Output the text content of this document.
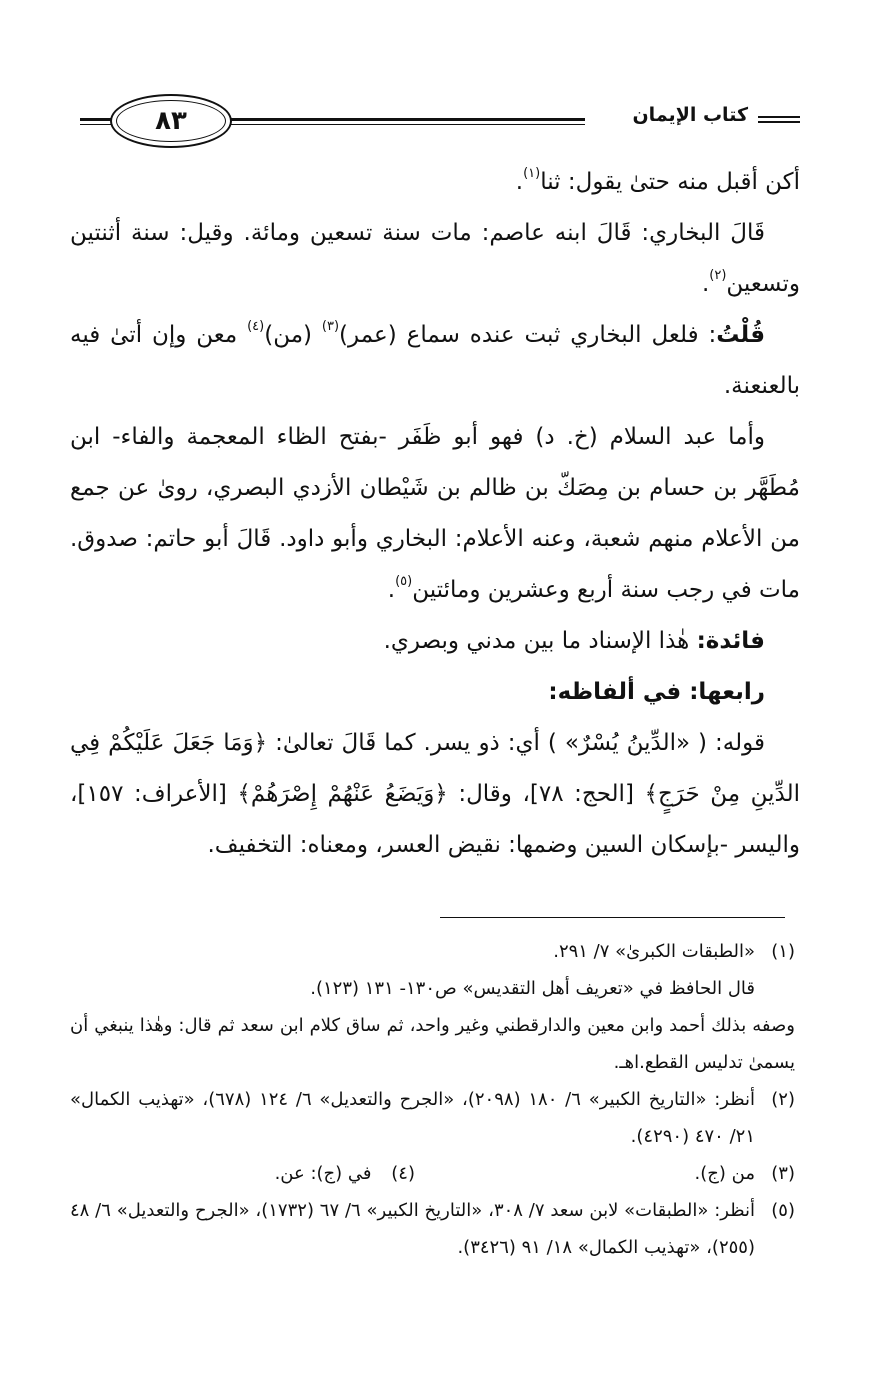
٨٣	كتاب الإيمان

أكن أقبل منه حتىٰ يقول: ثنا$^{(١)}$.

قَالَ البخاري: قَالَ ابنه عاصم: مات سنة تسعين ومائة. وقيل: سنة أثنتين وتسعين$^{(٢)}$.

قُلْتُ: فلعل البخاري ثبت عنده سماع (عمر)$^{(٣)}$ (من)$^{(٤)}$ معن وإن أتىٰ فيه بالعنعنة.

وأما عبد السلام (خ. د) فهو أبو ظَفَر -بفتح الظاء المعجمة والفاء- ابن مُطَهَّر بن حسام بن مِصَكّ بن ظالم بن شَيْطان الأزدي البصري، روىٰ عن جمع من الأعلام منهم شعبة، وعنه الأعلام: البخاري وأبو داود. قَالَ أبو حاتم: صدوق. مات في رجب سنة أربع وعشرين ومائتين$^{(٥)}$.

فائدة: هٰذا الإسناد ما بين مدني وبصري.

رابعها: في ألفاظه:

قوله: ( «الدِّينُ يُسْرٌ» ) أي: ذو يسر. كما قَالَ تعالىٰ: ﴿وَمَا جَعَلَ عَلَيْكُمْ فِي الدِّينِ مِنْ حَرَجٍ﴾ [الحج: ٧٨]، وقال: ﴿وَيَضَعُ عَنْهُمْ إِصْرَهُمْ﴾ [الأعراف: ١٥٧]، واليسر -بإسكان السين وضمها: نقيض العسر، ومعناه: التخفيف.

(١)
«الطبقات الكبرىٰ» ٧/ ٢٩١.
قال الحافظ في «تعريف أهل التقديس» ص١٣٠- ١٣١ (١٢٣).
وصفه بذلك أحمد وابن معين والدارقطني وغير واحد، ثم ساق كلام ابن سعد ثم قال: وهٰذا ينبغي أن يسمىٰ تدليس القطع.اهـ.
(٢)
أنظر: «التاريخ الكبير» ٦/ ١٨٠ (٢٠٩٨)، «الجرح والتعديل» ٦/ ١٢٤ (٦٧٨)، «تهذيب الكمال» ٢١/ ٤٧٠ (٤٢٩٠).
(٣)
من (ج).
(٤) في (ج): عن.
(٥)
أنظر: «الطبقات» لابن سعد ٧/ ٣٠٨، «التاريخ الكبير» ٦/ ٦٧ (١٧٣٢)، «الجرح والتعديل» ٦/ ٤٨ (٢٥٥)، «تهذيب الكمال» ١٨/ ٩١ (٣٤٢٦).
